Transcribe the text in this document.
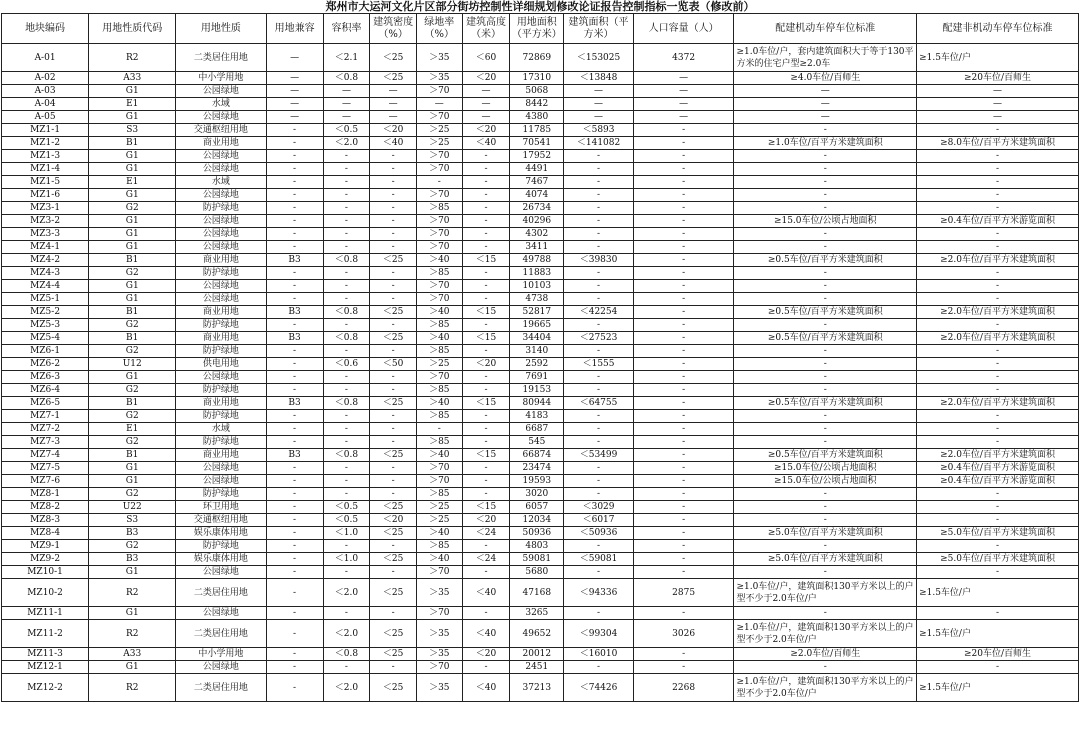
郑州市大运河文化片区部分街坊控制性详细规划修改论证报告控制指标一览表（修改前）
地块编码	用地性质代码	用地性质	用地兼容	容积率	建筑密度（%）	绿地率（%）	建筑高度（米）	用地面积（平方米）	建筑面积（平方米）	人口容量（人）	配建机动车停车位标准	配建非机动车停车位标准
A-01	R2	二类居住用地	—	＜2.1	＜25	＞35	＜60	72869	＜153025	4372	≥1.0车位/户，套内建筑面积大于等于130平方米的住宅户型≥2.0车	≥1.5车位/户
A-02	A33	中小学用地	—	＜0.8	＜25	＞35	＜20	17310	＜13848	—	≥4.0车位/百师生	≥20车位/百师生
A-03	G1	公园绿地	—	—	—	＞70	—	5068	—	—	—	—
A-04	E1	水域	—	—	—	—	—	8442	—	—	—	—
A-05	G1	公园绿地	—	—	—	＞70	—	4380	—	—	—	—
MZ1-1	S3	交通枢纽用地	-	＜0.5	＜20	＞25	＜20	11785	＜5893	-	-	-
MZ1-2	B1	商业用地	-	＜2.0	＜40	＞25	＜40	70541	＜141082	-	≥1.0车位/百平方米建筑面积	≥8.0车位/百平方米建筑面积
MZ1-3	G1	公园绿地	-	-	-	＞70	-	17952	-	-	-	-
MZ1-4	G1	公园绿地	-	-	-	＞70	-	4491	-	-	-	-
MZ1-5	E1	水域	-	-	-	-	-	7467	-	-	-	-
MZ1-6	G1	公园绿地	-	-	-	＞70	-	4074	-	-	-	-
MZ3-1	G2	防护绿地	-	-	-	＞85	-	26734	-	-	-	-
MZ3-2	G1	公园绿地	-	-	-	＞70	-	40296	-	-	≥15.0车位/公顷占地面积	≥0.4车位/百平方米游览面积
MZ3-3	G1	公园绿地	-	-	-	＞70	-	4302	-	-	-	-
MZ4-1	G1	公园绿地	-	-	-	＞70	-	3411	-	-	-	-
MZ4-2	B1	商业用地	B3	＜0.8	＜25	＞40	＜15	49788	＜39830	-	≥0.5车位/百平方米建筑面积	≥2.0车位/百平方米建筑面积
MZ4-3	G2	防护绿地	-	-	-	＞85	-	11883	-	-	-	-
MZ4-4	G1	公园绿地	-	-	-	＞70	-	10103	-	-	-	-
MZ5-1	G1	公园绿地	-	-	-	＞70	-	4738	-	-	-	-
MZ5-2	B1	商业用地	B3	＜0.8	＜25	＞40	＜15	52817	＜42254	-	≥0.5车位/百平方米建筑面积	≥2.0车位/百平方米建筑面积
MZ5-3	G2	防护绿地	-	-	-	＞85	-	19665	-	-	-	-
MZ5-4	B1	商业用地	B3	＜0.8	＜25	＞40	＜15	34404	＜27523	-	≥0.5车位/百平方米建筑面积	≥2.0车位/百平方米建筑面积
MZ6-1	G2	防护绿地	-	-	-	＞85	-	3140	-	-	-	-
MZ6-2	U12	供电用地	-	＜0.6	＜50	＞25	＜20	2592	＜1555	-	-	-
MZ6-3	G1	公园绿地	-	-	-	＞70	-	7691	-	-	-	-
MZ6-4	G2	防护绿地	-	-	-	＞85	-	19153	-	-	-	-
MZ6-5	B1	商业用地	B3	＜0.8	＜25	＞40	＜15	80944	＜64755	-	≥0.5车位/百平方米建筑面积	≥2.0车位/百平方米建筑面积
MZ7-1	G2	防护绿地	-	-	-	＞85	-	4183	-	-	-	-
MZ7-2	E1	水域	-	-	-	-	-	6687	-	-	-	-
MZ7-3	G2	防护绿地	-	-	-	＞85	-	545	-	-	-	-
MZ7-4	B1	商业用地	B3	＜0.8	＜25	＞40	＜15	66874	＜53499	-	≥0.5车位/百平方米建筑面积	≥2.0车位/百平方米建筑面积
MZ7-5	G1	公园绿地	-	-	-	＞70	-	23474	-	-	≥15.0车位/公顷占地面积	≥0.4车位/百平方米游览面积
MZ7-6	G1	公园绿地	-	-	-	＞70	-	19593	-	-	≥15.0车位/公顷占地面积	≥0.4车位/百平方米游览面积
MZ8-1	G2	防护绿地	-	-	-	＞85	-	3020	-	-	-	-
MZ8-2	U22	环卫用地	-	＜0.5	＜25	＞25	＜15	6057	＜3029	-	-	-
MZ8-3	S3	交通枢纽用地	-	＜0.5	＜20	＞25	＜20	12034	＜6017	-	-	-
MZ8-4	B3	娱乐康体用地	-	＜1.0	＜25	＞40	＜24	50936	＜50936	-	≥5.0车位/百平方米建筑面积	≥5.0车位/百平方米建筑面积
MZ9-1	G2	防护绿地	-	-	-	＞85	-	4803	-	-	-	-
MZ9-2	B3	娱乐康体用地	-	＜1.0	＜25	＞40	＜24	59081	＜59081	-	≥5.0车位/百平方米建筑面积	≥5.0车位/百平方米建筑面积
MZ10-1	G1	公园绿地	-	-	-	＞70	-	5680	-	-	-	-
MZ10-2	R2	二类居住用地	-	＜2.0	＜25	＞35	＜40	47168	＜94336	2875	≥1.0车位/户，建筑面积130平方米以上的户型不少于2.0车位/户	≥1.5车位/户
MZ11-1	G1	公园绿地	-	-	-	＞70	-	3265	-	-	-	-
MZ11-2	R2	二类居住用地	-	＜2.0	＜25	＞35	＜40	49652	＜99304	3026	≥1.0车位/户，建筑面积130平方米以上的户型不少于2.0车位/户	≥1.5车位/户
MZ11-3	A33	中小学用地	-	＜0.8	＜25	＞35	＜20	20012	＜16010	-	≥2.0车位/百师生	≥20车位/百师生
MZ12-1	G1	公园绿地	-	-	-	＞70	-	2451	-	-	-	-
MZ12-2	R2	二类居住用地	-	＜2.0	＜25	＞35	＜40	37213	＜74426	2268	≥1.0车位/户，建筑面积130平方米以上的户型不少于2.0车位/户	≥1.5车位/户
